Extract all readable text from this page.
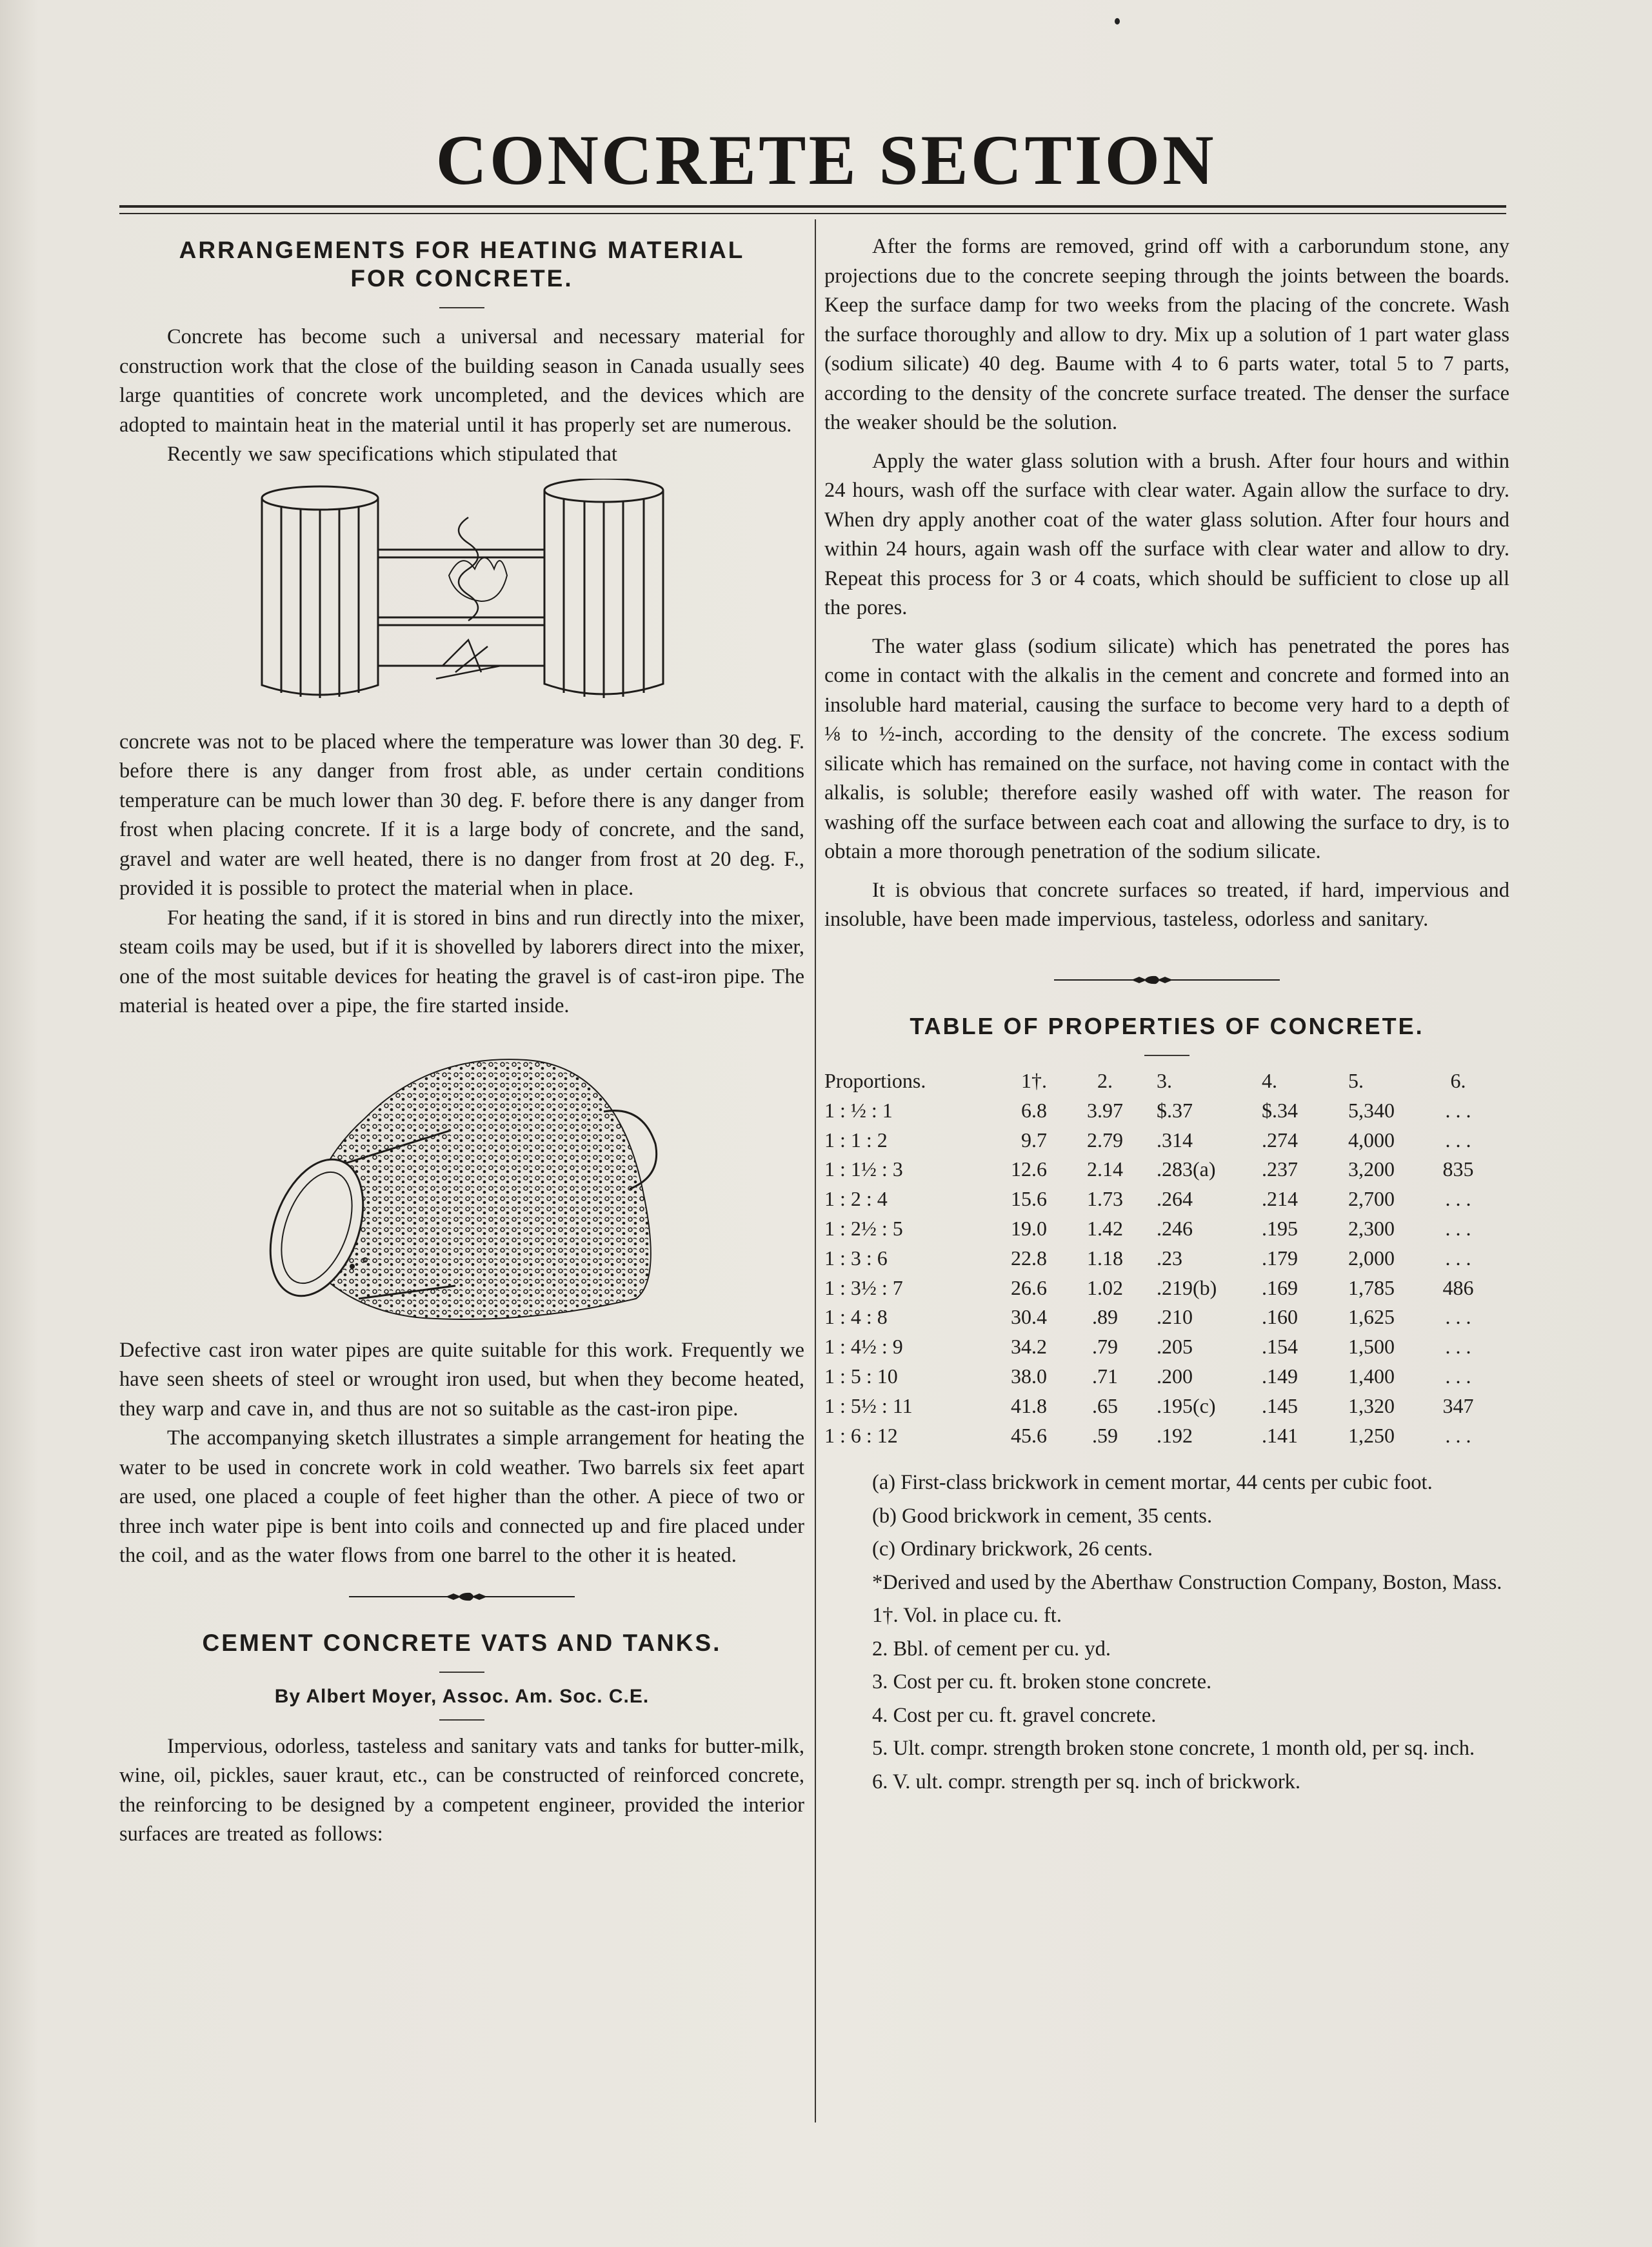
CONCRETE SECTION
ARRANGEMENTS FOR HEATING MATERIAL
FOR CONCRETE.

Concrete has become such a universal and necessary material for construction work that the close of the building season in Canada usually sees large quantities of concrete work uncompleted, and the devices which are adopted to maintain heat in the material until it has properly set are numerous.

Recently we saw specifications which stipulated that

concrete was not to be placed where the temperature was lower than 30 deg. F. before there is any danger from frost able, as under certain conditions temperature can be much lower than 30 deg. F. before there is any danger from frost when placing concrete. If it is a large body of concrete, and the sand, gravel and water are well heated, there is no danger from frost at 20 deg. F., provided it is possible to protect the material when in place.

For heating the sand, if it is stored in bins and run directly into the mixer, steam coils may be used, but if it is shovelled by laborers direct into the mixer, one of the most suitable devices for heating the gravel is of cast-iron pipe. The material is heated over a pipe, the fire started inside.

Defective cast iron water pipes are quite suitable for this work. Frequently we have seen sheets of steel or wrought iron used, but when they become heated, they warp and cave in, and thus are not so suitable as the cast-iron pipe.

The accompanying sketch illustrates a simple arrangement for heating the water to be used in concrete work in cold weather. Two barrels six feet apart are used, one placed a couple of feet higher than the other. A piece of two or three inch water pipe is bent into coils and connected up and fire placed under the coil, and as the water flows from one barrel to the other it is heated.

CEMENT CONCRETE VATS AND TANKS.
By Albert Moyer, Assoc. Am. Soc. C.E.

Impervious, odorless, tasteless and sanitary vats and tanks for butter-milk, wine, oil, pickles, sauer kraut, etc., can be constructed of reinforced concrete, the reinforcing to be designed by a competent engineer, provided the interior surfaces are treated as follows:

After the forms are removed, grind off with a carborundum stone, any projections due to the concrete seeping through the joints between the boards. Keep the surface damp for two weeks from the placing of the concrete. Wash the surface thoroughly and allow to dry. Mix up a solution of 1 part water glass (sodium silicate) 40 deg. Baume with 4 to 6 parts water, total 5 to 7 parts, according to the density of the concrete surface treated. The denser the surface the weaker should be the solution.

Apply the water glass solution with a brush. After four hours and within 24 hours, wash off the surface with clear water. Again allow the surface to dry. When dry apply another coat of the water glass solution. After four hours and within 24 hours, again wash off the surface with clear water and allow to dry. Repeat this process for 3 or 4 coats, which should be sufficient to close up all the pores.

The water glass (sodium silicate) which has penetrated the pores has come in contact with the alkalis in the cement and concrete and formed into an insoluble hard material, causing the surface to become very hard to a depth of ⅛ to ½-inch, according to the density of the concrete. The excess sodium silicate which has remained on the surface, not having come in contact with the alkalis, is soluble; therefore easily washed off with water. The reason for washing off the surface between each coat and allowing the surface to dry, is to obtain a more thorough penetration of the sodium silicate.

It is obvious that concrete surfaces so treated, if hard, impervious and insoluble, have been made impervious, tasteless, odorless and sanitary.

TABLE OF PROPERTIES OF CONCRETE.
Proportions.	1†.	2.	3.	4.	5.	6.
1 : ½ : 1	6.8	3.97	$.37	$.34	5,340	. . .
1 : 1 : 2	9.7	2.79	.314	.274	4,000	. . .
1 : 1½ : 3	12.6	2.14	.283(a)	.237	3,200	835
1 : 2 : 4	15.6	1.73	.264	.214	2,700	. . .
1 : 2½ : 5	19.0	1.42	.246	.195	2,300	. . .
1 : 3 : 6	22.8	1.18	.23	.179	2,000	. . .
1 : 3½ : 7	26.6	1.02	.219(b)	.169	1,785	486
1 : 4 : 8	30.4	.89	.210	.160	1,625	. . .
1 : 4½ : 9	34.2	.79	.205	.154	1,500	. . .
1 : 5 : 10	38.0	.71	.200	.149	1,400	. . .
1 : 5½ : 11	41.8	.65	.195(c)	.145	1,320	347
1 : 6 : 12	45.6	.59	.192	.141	1,250	. . .

(a) First-class brickwork in cement mortar, 44 cents per cubic foot.

(b) Good brickwork in cement, 35 cents.

(c) Ordinary brickwork, 26 cents.

*Derived and used by the Aberthaw Construction Company, Boston, Mass.

1†. Vol. in place cu. ft.

2. Bbl. of cement per cu. yd.

3. Cost per cu. ft. broken stone concrete.

4. Cost per cu. ft. gravel concrete.

5. Ult. compr. strength broken stone concrete, 1 month old, per sq. inch.

6. V. ult. compr. strength per sq. inch of brickwork.
